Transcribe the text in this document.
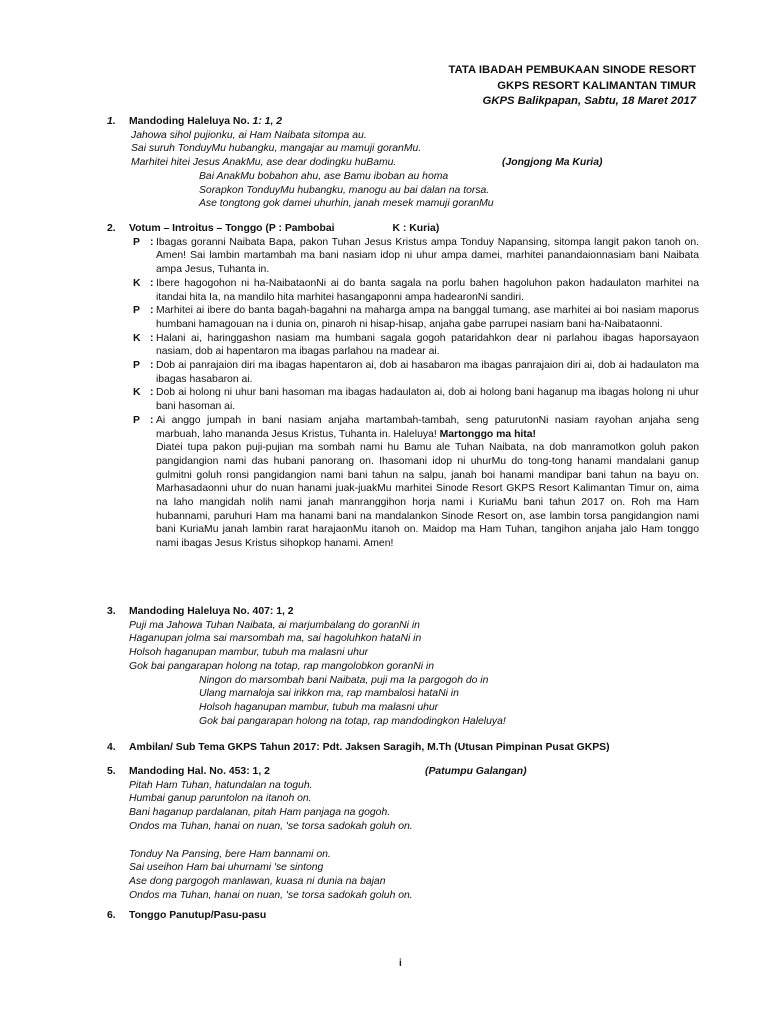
TATA IBADAH PEMBUKAAN SINODE RESORT
GKPS RESORT KALIMANTAN TIMUR
GKPS Balikpapan, Sabtu, 18 Maret 2017
1. Mandoding Haleluya No. 1: 1, 2
Jahowa sihol pujionku, ai Ham Naibata sitompa au.
Sai suruh TonduyMu hubangku, mangajar au mamuji goranMu.
Marhitei hitei Jesus AnakMu, ase dear dodingku huBamu.	(Jongjong Ma Kuria)
Bai AnakMu bobahon ahu, ase Bamu iboban au homa
Sorapkon TonduyMu hubangku, manogu au bai dalan na torsa.
Ase tongtong gok damei uhurhin, janah mesek mamuji goranMu
2. Votum – Introitus – Tonggo (P : Pambobai	K : Kuria)
P : Ibagas goranni Naibata Bapa, pakon Tuhan Jesus Kristus ampa Tonduy Napansing, sitompa langit pakon tanoh on. Amen! Sai lambin martambah ma bani nasiam idop ni uhur ampa damei, marhitei panandaionnasiam bani Naibata ampa Jesus, Tuhanta in.
K : Ibere hagogohon ni ha-NaibataonNi ai do banta sagala na porlu bahen hagoluhon pakon hadaulaton marhitei na itandai hita Ia, na mandilo hita marhitei hasangaponni ampa hadearonNi sandiri.
P : Marhitei ai ibere do banta bagah-bagahni na maharga ampa na banggal tumang, ase marhitei ai boi nasiam maporus humbani hamagouan na i dunia on, pinaroh ni hisap-hisap, anjaha gabe parrupei nasiam bani ha-Naibataonni.
K : Halani ai, haringgashon nasiam ma humbani sagala gogoh pataridahkon dear ni parlahou ibagas haporsayaon nasiam, dob ai hapentaron ma ibagas parlahou na madear ai.
P : Dob ai panrajaion diri ma ibagas hapentaron ai, dob ai hasabaron ma ibagas panrajaion diri ai, dob ai hadaulaton ma ibagas hasabaron ai.
K : Dob ai holong ni uhur bani hasoman ma ibagas hadaulaton ai, dob ai holong bani haganup ma ibagas holong ni uhur bani hasoman ai.
P : Ai anggo jumpah in bani nasiam anjaha martambah-tambah, seng paturutonNi nasiam rayohan anjaha seng marbuah, laho mananda Jesus Kristus, Tuhanta in. Haleluya! Martonggo ma hita!
Diatei tupa pakon puji-pujian ma sombah nami hu Bamu ale Tuhan Naibata, na dob manramotkon goluh pakon pangidangion nami das hubani panorang on. Ihasomani idop ni uhurMu do tong-tong hanami mandalani ganup gulmitni goluh ronsi pangidangion nami bani tahun na salpu, janah boi hanami mandipar bani tahun na bayu on. Marhasadaonni uhur do nuan hanami juak-juakMu marhitei Sinode Resort GKPS Resort Kalimantan Timur on, aima na laho mangidah nolih nami janah manranggihon horja nami i KuriaMu bani tahun 2017 on. Roh ma Ham hubannami, paruhuri Ham ma hanami bani na mandalankon Sinode Resort on, ase lambin torsa pangidangion nami bani KuriaMu janah lambin rarat harajaonMu itanoh on. Maidop ma Ham Tuhan, tangihon anjaha jalo Ham tonggo nami ibagas Jesus Kristus sihopkop hanami. Amen!
3. Mandoding Haleluya No. 407: 1, 2
Puji ma Jahowa Tuhan Naibata, ai marjumbalang do goranNi in
Haganupan jolma sai marsombah ma, sai hagoluhkon hataNi in
Holsoh haganupan mambur, tubuh ma malasni uhur
Gok bai pangarapan holong na totap, rap mangolobkon goranNi in
Ningon do marsombah bani Naibata, puji ma Ia pargogoh do in
Ulang marnaloja sai irikkon ma, rap mambalosi hataNi in
Holsoh haganupan mambur, tubuh ma malasni uhur
Gok bai pangarapan holong na totap, rap mandodingkon Haleluya!
4. Ambilan/ Sub Tema GKPS Tahun 2017: Pdt. Jaksen Saragih, M.Th (Utusan Pimpinan Pusat GKPS)
5. Mandoding Hal. No. 453: 1, 2	(Patumpu Galangan)
Pitah Ham Tuhan, hatundalan na toguh.
Humbai ganup paruntolon na itanoh on.
Bani haganup pardalanan, pitah Ham panjaga na gogoh.
Ondos ma Tuhan, hanai on nuan, 'se torsa sadokah goluh on.
Tonduy Na Pansing, bere Ham bannami on.
Sai useihon Ham bai uhurnami 'se sintong
Ase dong pargogoh manlawan, kuasa ni dunia na bajan
Ondos ma Tuhan, hanai on nuan, 'se torsa sadokah goluh on.
6. Tonggo Panutup/Pasu-pasu
i
